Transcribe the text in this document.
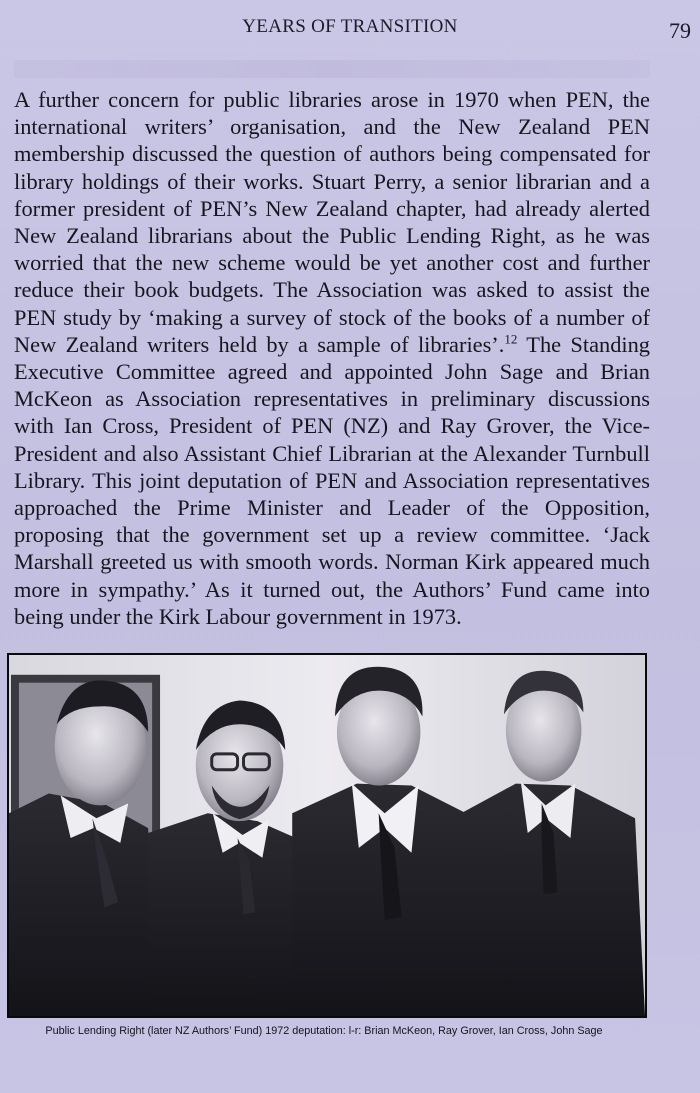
YEARS OF TRANSITION	79

A further concern for public libraries arose in 1970 when PEN, the international writers’ organisation, and the New Zealand PEN membership discussed the question of authors being compensated for library holdings of their works. Stuart Perry, a senior librarian and a former president of PEN’s New Zealand chapter, had already alerted New Zealand librarians about the Public Lending Right, as he was worried that the new scheme would be yet another cost and further reduce their book budgets. The Association was asked to assist the PEN study by ‘making a survey of stock of the books of a number of New Zealand writers held by a sample of libraries’.$^{12}$ The Standing Executive Committee agreed and appointed John Sage and Brian McKeon as Association representatives in preliminary discussions with Ian Cross, President of PEN (NZ) and Ray Grover, the Vice-President and also Assistant Chief Librarian at the Alexander Turnbull Library. This joint deputation of PEN and Association representatives approached the Prime Minister and Leader of the Opposition, proposing that the government set up a review committee. ‘Jack Marshall greeted us with smooth words. Norman Kirk appeared much more in sympathy.’ As it turned out, the Authors’ Fund came into being under the Kirk Labour government in 1973.

Public Lending Right (later NZ Authors’ Fund) 1972 deputation: l-r: Brian McKeon, Ray Grover, Ian Cross, John Sage
